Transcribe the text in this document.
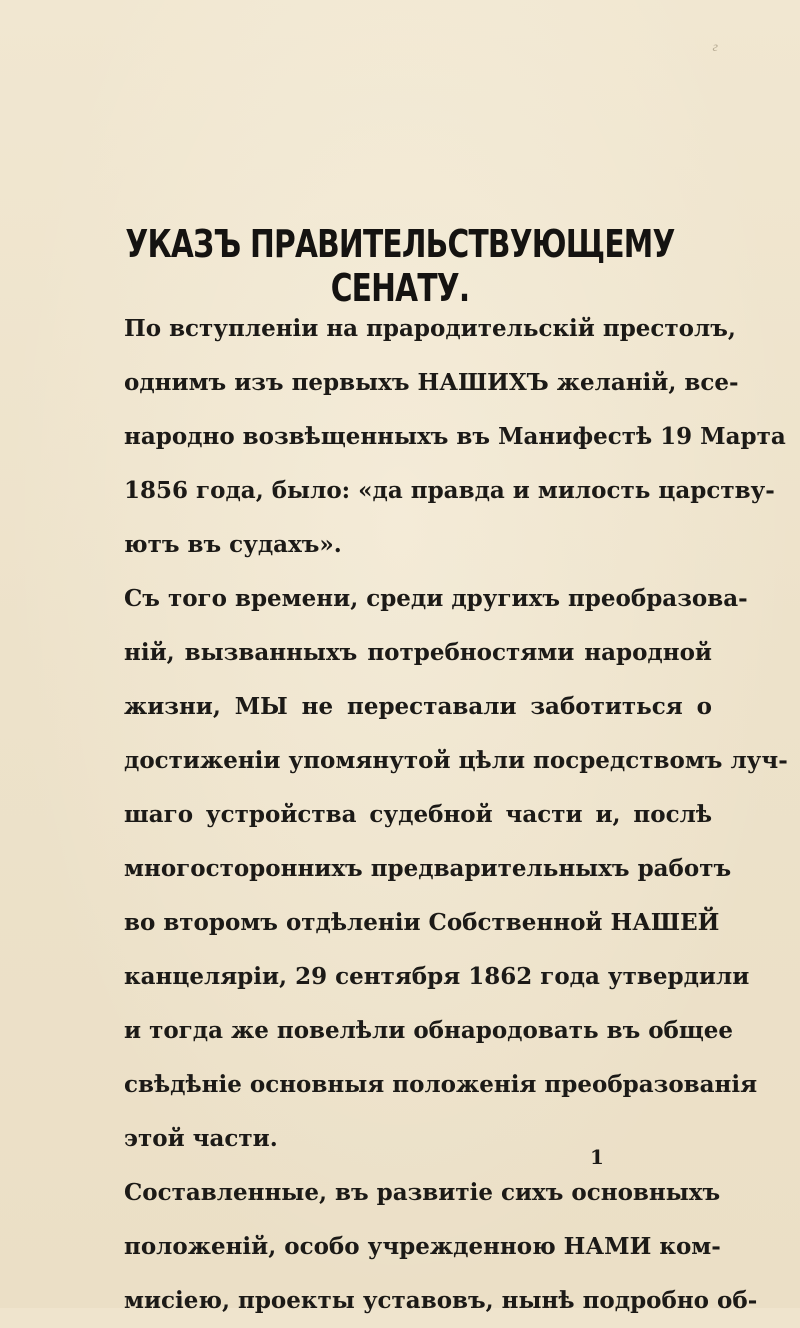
г
УКАЗЪ ПРАВИТЕЛЬСТВУЮЩЕМУ СЕНАТУ.
По вступленіи на прародительскій престолъ,
однимъ изъ первыхъ НАШИХЪ желаній, все-
народно возвѣщенныхъ въ Манифестѣ 19 Марта
1856 года, было: «да правда и милость царству-
ютъ въ судахъ».
Съ того времени, среди другихъ преобразова-
ній, вызванныхъ потребностями народной
жизни, МЫ не переставали заботиться о
достиженіи упомянутой цѣли посредствомъ луч-
шаго устройства судебной части и, послѣ
многостороннихъ предварительныхъ работъ
во второмъ отдѣленіи Собственной НАШЕЙ
канцеляріи, 29 сентября 1862 года утвердили
и тогда же повелѣли обнародовать въ общее
свѣдѣніе основныя положенія преобразованія
этой части.
Составленные, въ развитіе сихъ основныхъ
положеній, особо учрежденною НАМИ ком-
мисіею, проекты уставовъ, нынѣ подробно об-
1
